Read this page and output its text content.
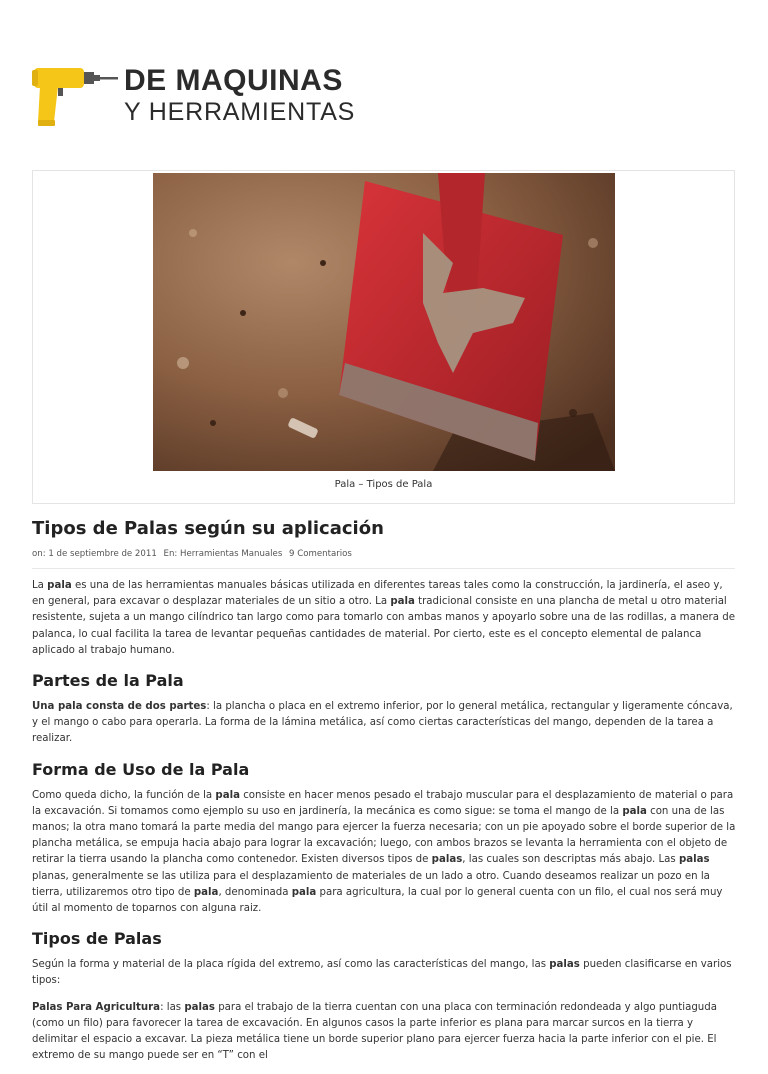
DE MAQUINAS
Y HERRAMIENTAS
Pala – Tipos de Pala
Tipos de Palas según su aplicación
on: 1 de septiembre de 2011 En: Herramientas Manuales 9 Comentarios

La pala es una de las herramientas manuales básicas utilizada en diferentes tareas tales como la construcción, la jardinería, el aseo y, en general, para excavar o desplazar materiales de un sitio a otro. La pala tradicional consiste en una plancha de metal u otro material resistente, sujeta a un mango cilíndrico tan largo como para tomarlo con ambas manos y apoyarlo sobre una de las rodillas, a manera de palanca, lo cual facilita la tarea de levantar pequeñas cantidades de material. Por cierto, este es el concepto elemental de palanca aplicado al trabajo humano.

Partes de la Pala

Una pala consta de dos partes: la plancha o placa en el extremo inferior, por lo general metálica, rectangular y ligeramente cóncava, y el mango o cabo para operarla. La forma de la lámina metálica, así como ciertas características del mango, dependen de la tarea a realizar.

Forma de Uso de la Pala

Como queda dicho, la función de la pala consiste en hacer menos pesado el trabajo muscular para el desplazamiento de material o para la excavación. Si tomamos como ejemplo su uso en jardinería, la mecánica es como sigue: se toma el mango de la pala con una de las manos; la otra mano tomará la parte media del mango para ejercer la fuerza necesaria; con un pie apoyado sobre el borde superior de la plancha metálica, se empuja hacia abajo para lograr la excavación; luego, con ambos brazos se levanta la herramienta con el objeto de retirar la tierra usando la plancha como contenedor. Existen diversos tipos de palas, las cuales son descriptas más abajo. Las palas planas, generalmente se las utiliza para el desplazamiento de materiales de un lado a otro. Cuando deseamos realizar un pozo en la tierra, utilizaremos otro tipo de pala, denominada pala para agricultura, la cual por lo general cuenta con un filo, el cual nos será muy útil al momento de toparnos con alguna raiz.

Tipos de Palas

Según la forma y material de la placa rígida del extremo, así como las características del mango, las palas pueden clasificarse en varios tipos:

Palas Para Agricultura: las palas para el trabajo de la tierra cuentan con una placa con terminación redondeada y algo puntiaguda (como un filo) para favorecer la tarea de excavación. En algunos casos la parte inferior es plana para marcar surcos en la tierra y delimitar el espacio a excavar. La pieza metálica tiene un borde superior plano para ejercer fuerza hacia la parte inferior con el pie. El extremo de su mango puede ser en “T” con el
